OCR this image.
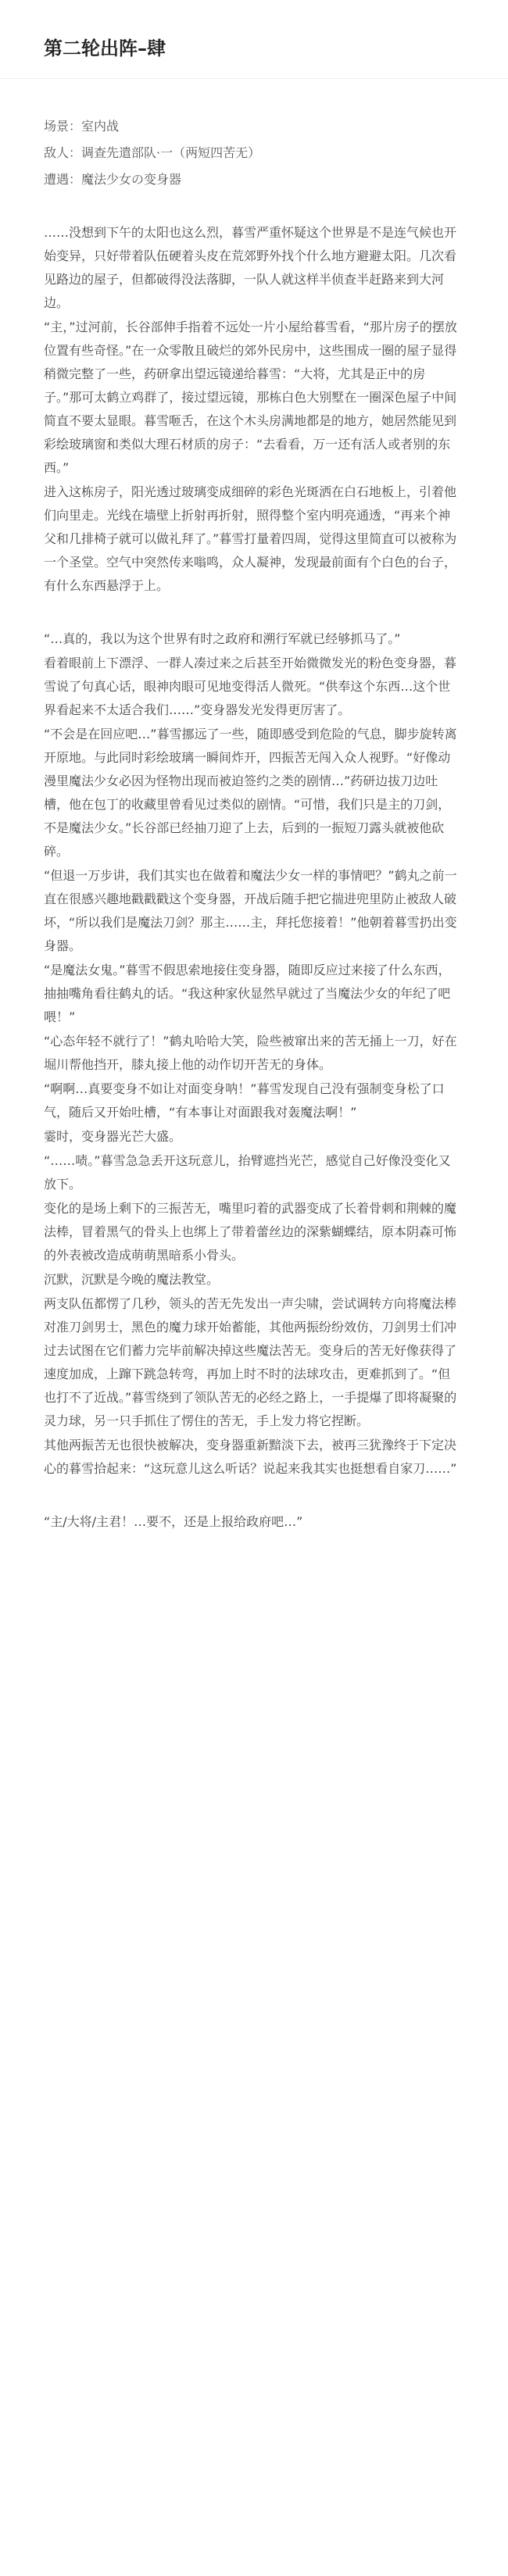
第二轮出阵–肆
场景：室内战
敌人：调查先遣部队·一（两短四苦无）
遭遇：魔法少女の变身器

……没想到下午的太阳也这么烈，暮雪严重怀疑这个世界是不是连气候也开始变异，只好带着队伍硬着头皮在荒郊野外找个什么地方避避太阳。几次看见路边的屋子，但都破得没法落脚，一队人就这样半侦查半赶路来到大河边。

“主，”过河前，长谷部伸手指着不远处一片小屋给暮雪看，“那片房子的摆放位置有些奇怪。”在一众零散且破烂的郊外民房中，这些围成一圈的屋子显得稍微完整了一些，药研拿出望远镜递给暮雪：“大将，尤其是正中的房子。”那可太鹤立鸡群了，接过望远镜，那栋白色大别墅在一圈深色屋子中间简直不要太显眼。暮雪咂舌，在这个木头房满地都是的地方，她居然能见到彩绘玻璃窗和类似大理石材质的房子：“去看看，万一还有活人或者别的东西。”

进入这栋房子，阳光透过玻璃变成细碎的彩色光斑洒在白石地板上，引着他们向里走。光线在墙壁上折射再折射，照得整个室内明亮通透，“再来个神父和几排椅子就可以做礼拜了。”暮雪打量着四周，觉得这里简直可以被称为一个圣堂。空气中突然传来嗡鸣，众人凝神，发现最前面有个白色的台子，有什么东西悬浮于上。

“…真的，我以为这个世界有时之政府和溯行军就已经够抓马了。”

看着眼前上下漂浮、一群人凑过来之后甚至开始微微发光的粉色变身器，暮雪说了句真心话，眼神肉眼可见地变得活人微死。“供奉这个东西…这个世界看起来不太适合我们……”变身器发光发得更厉害了。

“不会是在回应吧…”暮雪挪远了一些，随即感受到危险的气息，脚步旋转离开原地。与此同时彩绘玻璃一瞬间炸开，四振苦无闯入众人视野。“好像动漫里魔法少女必因为怪物出现而被迫签约之类的剧情…”药研边拔刀边吐槽，他在包丁的收藏里曾看见过类似的剧情。“可惜，我们只是主的刀剑，不是魔法少女。”长谷部已经抽刀迎了上去，后到的一振短刀露头就被他砍碎。

“但退一万步讲，我们其实也在做着和魔法少女一样的事情吧？”鹤丸之前一直在很感兴趣地戳戳戳这个变身器，开战后随手把它揣进兜里防止被敌人破坏，“所以我们是魔法刀剑？那主……主，拜托您接着！”他朝着暮雪扔出变身器。

“是魔法女鬼。”暮雪不假思索地接住变身器，随即反应过来接了什么东西，抽抽嘴角看往鹤丸的话。“我这种家伙显然早就过了当魔法少女的年纪了吧喂！”

“心态年轻不就行了！”鹤丸哈哈大笑，险些被窜出来的苦无捅上一刀，好在堀川帮他挡开，膝丸接上他的动作切开苦无的身体。

“啊啊…真要变身不如让对面变身呐！”暮雪发现自己没有强制变身松了口气，随后又开始吐槽，“有本事让对面跟我对轰魔法啊！”

霎时，变身器光芒大盛。

“……啧。”暮雪急急丢开这玩意儿，抬臂遮挡光芒，感觉自己好像没变化又放下。

变化的是场上剩下的三振苦无，嘴里叼着的武器变成了长着骨刺和荆棘的魔法棒，冒着黑气的骨头上也绑上了带着蕾丝边的深紫蝴蝶结，原本阴森可怖的外表被改造成萌萌黑暗系小骨头。

沉默，沉默是今晚的魔法教堂。

两支队伍都愣了几秒，领头的苦无先发出一声尖啸，尝试调转方向将魔法棒对准刀剑男士，黑色的魔力球开始蓄能，其他两振纷纷效仿，刀剑男士们冲过去试图在它们蓄力完毕前解决掉这些魔法苦无。变身后的苦无好像获得了速度加成，上蹿下跳急转弯，再加上时不时的法球攻击，更难抓到了。“但也打不了近战。”暮雪绕到了领队苦无的必经之路上，一手提爆了即将凝聚的灵力球，另一只手抓住了愣住的苦无，手上发力将它捏断。

其他两振苦无也很快被解决，变身器重新黯淡下去，被再三犹豫终于下定决心的暮雪拾起来：“这玩意儿这么听话？说起来我其实也挺想看自家刀……”

“主/大将/主君！…要不，还是上报给政府吧…”
